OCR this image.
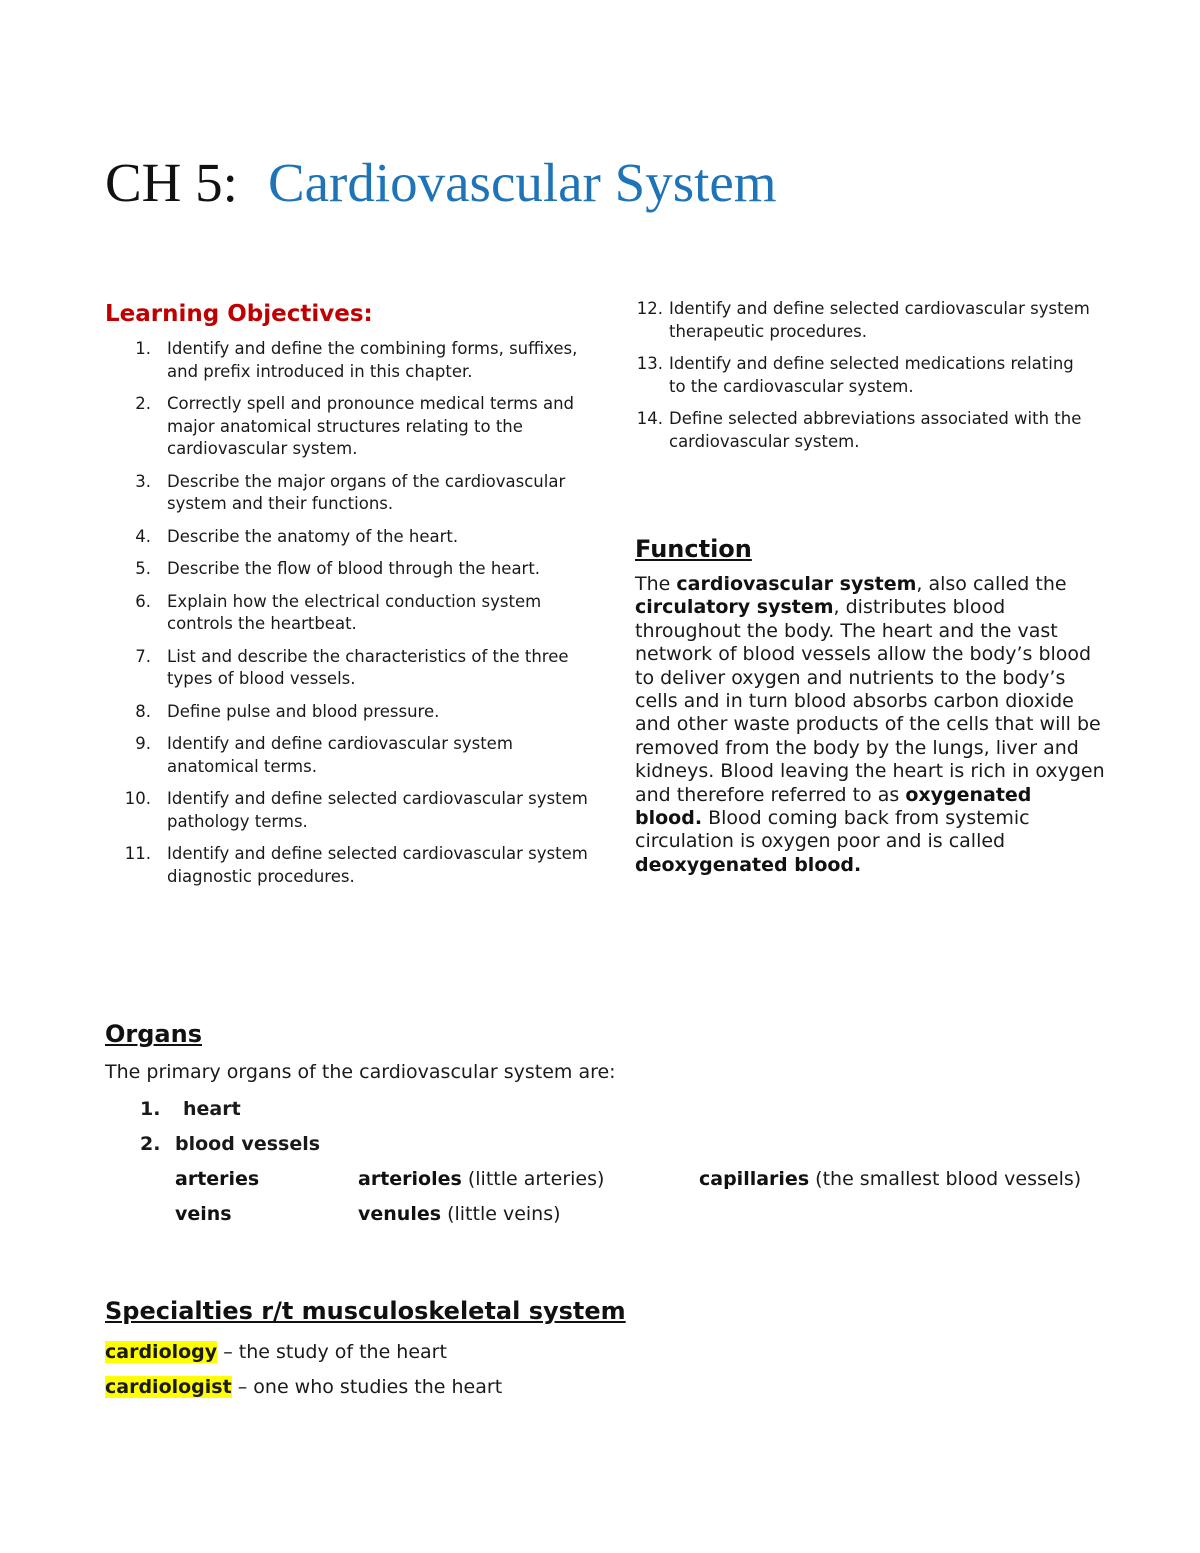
CH 5: Cardiovascular System
Learning Objectives:
1. Identify and define the combining forms, suffixes, and prefix introduced in this chapter.
2. Correctly spell and pronounce medical terms and major anatomical structures relating to the cardiovascular system.
3. Describe the major organs of the cardiovascular system and their functions.
4. Describe the anatomy of the heart.
5. Describe the flow of blood through the heart.
6. Explain how the electrical conduction system controls the heartbeat.
7. List and describe the characteristics of the three types of blood vessels.
8. Define pulse and blood pressure.
9. Identify and define cardiovascular system anatomical terms.
10. Identify and define selected cardiovascular system pathology terms.
11. Identify and define selected cardiovascular system diagnostic procedures.
12. Identify and define selected cardiovascular system therapeutic procedures.
13. Identify and define selected medications relating to the cardiovascular system.
14. Define selected abbreviations associated with the cardiovascular system.
Function
The cardiovascular system, also called the circulatory system, distributes blood throughout the body. The heart and the vast network of blood vessels allow the body’s blood to deliver oxygen and nutrients to the body’s cells and in turn blood absorbs carbon dioxide and other waste products of the cells that will be removed from the body by the lungs, liver and kidneys. Blood leaving the heart is rich in oxygen and therefore referred to as oxygenated blood. Blood coming back from systemic circulation is oxygen poor and is called deoxygenated blood.
Organs
The primary organs of the cardiovascular system are:
1. heart
2. blood vessels
arteries	arterioles (little arteries)	capillaries (the smallest blood vessels)
veins	venules (little veins)
Specialties r/t musculoskeletal system
cardiology – the study of the heart
cardiologist – one who studies the heart
